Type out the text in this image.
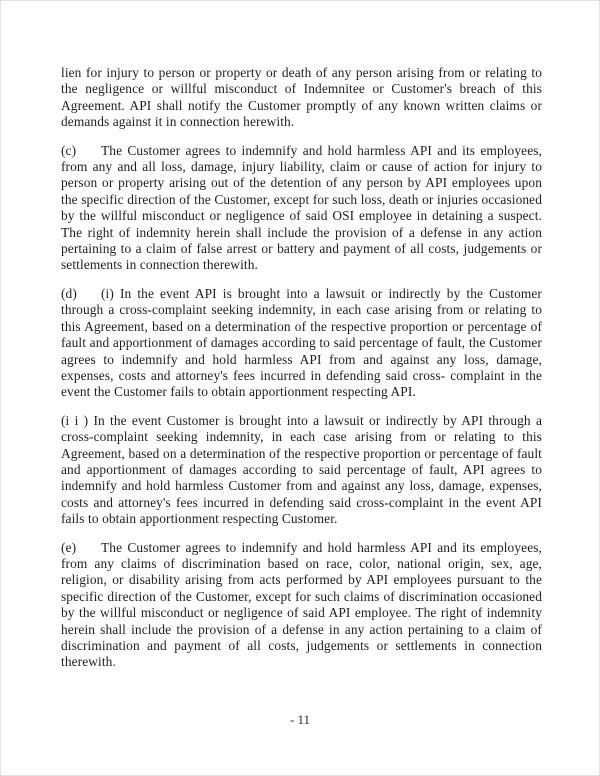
lien for injury to person or property or death of any person arising from or relating to the negligence or willful misconduct of Indemnitee or Customer's breach of this Agreement. API shall notify the Customer promptly of any known written claims or demands against it in connection herewith.

(c) The Customer agrees to indemnify and hold harmless API and its employees, from any and all loss, damage, injury liability, claim or cause of action for injury to person or property arising out of the detention of any person by API employees upon the specific direction of the Customer, except for such loss, death or injuries occasioned by the willful misconduct or negligence of said OSI employee in detaining a suspect. The right of indemnity herein shall include the provision of a defense in any action pertaining to a claim of false arrest or battery and payment of all costs, judgements or settlements in connection therewith.

(d) (i) In the event API is brought into a lawsuit or indirectly by the Customer through a cross-complaint seeking indemnity, in each case arising from or relating to this Agreement, based on a determination of the respective proportion or percentage of fault and apportionment of damages according to said percentage of fault, the Customer agrees to indemnify and hold harmless API from and against any loss, damage, expenses, costs and attorney's fees incurred in defending said cross- complaint in the event the Customer fails to obtain apportionment respecting API.

(i i ) In the event Customer is brought into a lawsuit or indirectly by API through a cross-complaint seeking indemnity, in each case arising from or relating to this Agreement, based on a determination of the respective proportion or percentage of fault and apportionment of damages according to said percentage of fault, API agrees to indemnify and hold harmless Customer from and against any loss, damage, expenses, costs and attorney's fees incurred in defending said cross-complaint in the event API fails to obtain apportionment respecting Customer.

(e) The Customer agrees to indemnify and hold harmless API and its employees, from any claims of discrimination based on race, color, national origin, sex, age, religion, or disability arising from acts performed by API employees pursuant to the specific direction of the Customer, except for such claims of discrimination occasioned by the willful misconduct or negligence of said API employee. The right of indemnity herein shall include the provision of a defense in any action pertaining to a claim of discrimination and payment of all costs, judgements or settlements in connection therewith.

- 11
